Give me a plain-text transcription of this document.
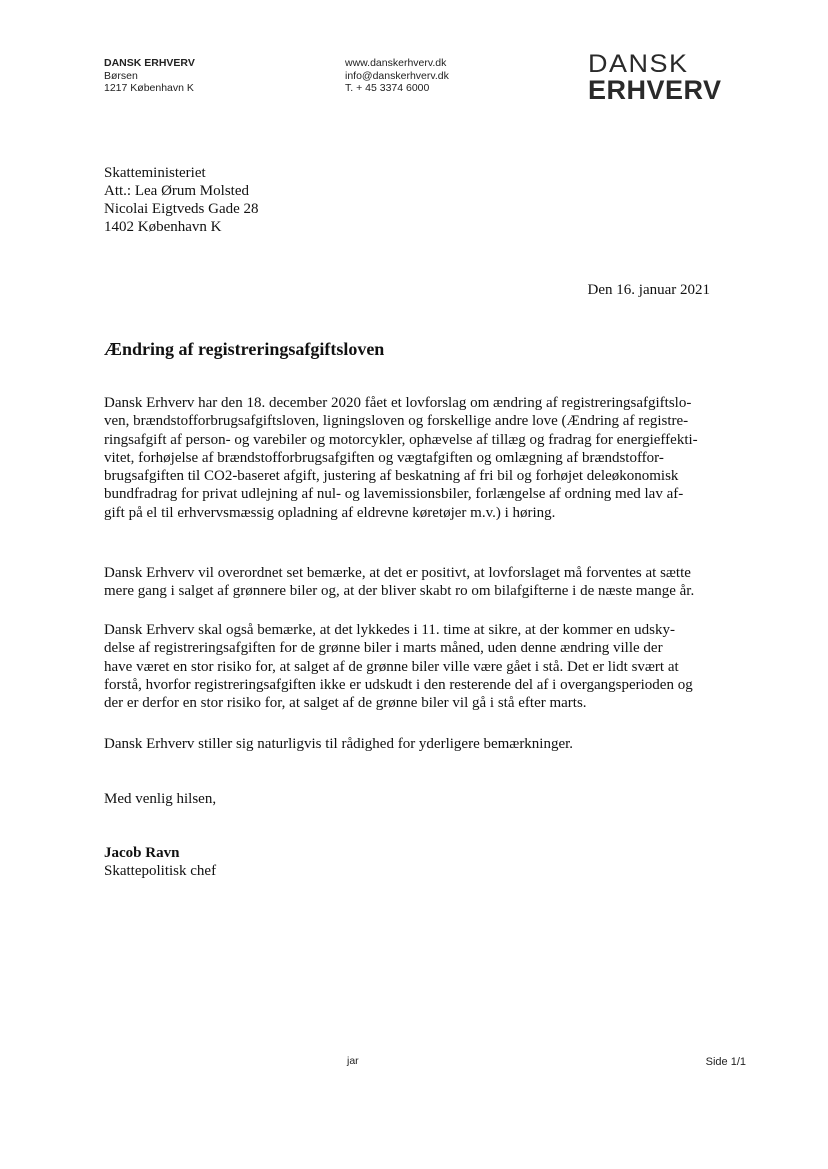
DANSK ERHVERV
Børsen
1217 København K
www.danskerhverv.dk
info@danskerhverv.dk
T. + 45 3374 6000
DANSK
ERHVERV
Skatteministeriet
Att.: Lea Ørum Molsted
Nicolai Eigtveds Gade 28
1402 København K
Den 16. januar 2021
Ændring af registreringsafgiftsloven

Dansk Erhverv har den 18. december 2020 fået et lovforslag om ændring af registreringsafgiftslo-
ven, brændstofforbrugsafgiftsloven, ligningsloven og forskellige andre love (Ændring af registre-
ringsafgift af person- og varebiler og motorcykler, ophævelse af tillæg og fradrag for energieffekti-
vitet, forhøjelse af brændstofforbrugsafgiften og vægtafgiften og omlægning af brændstoffor-
brugsafgiften til CO2-baseret afgift, justering af beskatning af fri bil og forhøjet deleøkonomisk
bundfradrag for privat udlejning af nul- og lavemissionsbiler, forlængelse af ordning med lav af-
gift på el til erhvervsmæssig opladning af eldrevne køretøjer m.v.) i høring.

Dansk Erhverv vil overordnet set bemærke, at det er positivt, at lovforslaget må forventes at sætte
mere gang i salget af grønnere biler og, at der bliver skabt ro om bilafgifterne i de næste mange år.

Dansk Erhverv skal også bemærke, at det lykkedes i 11. time at sikre, at der kommer en udsky-
delse af registreringsafgiften for de grønne biler i marts måned, uden denne ændring ville der
have været en stor risiko for, at salget af de grønne biler ville være gået i stå. Det er lidt svært at
forstå, hvorfor registreringsafgiften ikke er udskudt i den resterende del af i overgangsperioden og
der er derfor en stor risiko for, at salget af de grønne biler vil gå i stå efter marts.

Dansk Erhverv stiller sig naturligvis til rådighed for yderligere bemærkninger.

Med venlig hilsen,
Jacob Ravn
Skattepolitisk chef
jar	Side 1/1
